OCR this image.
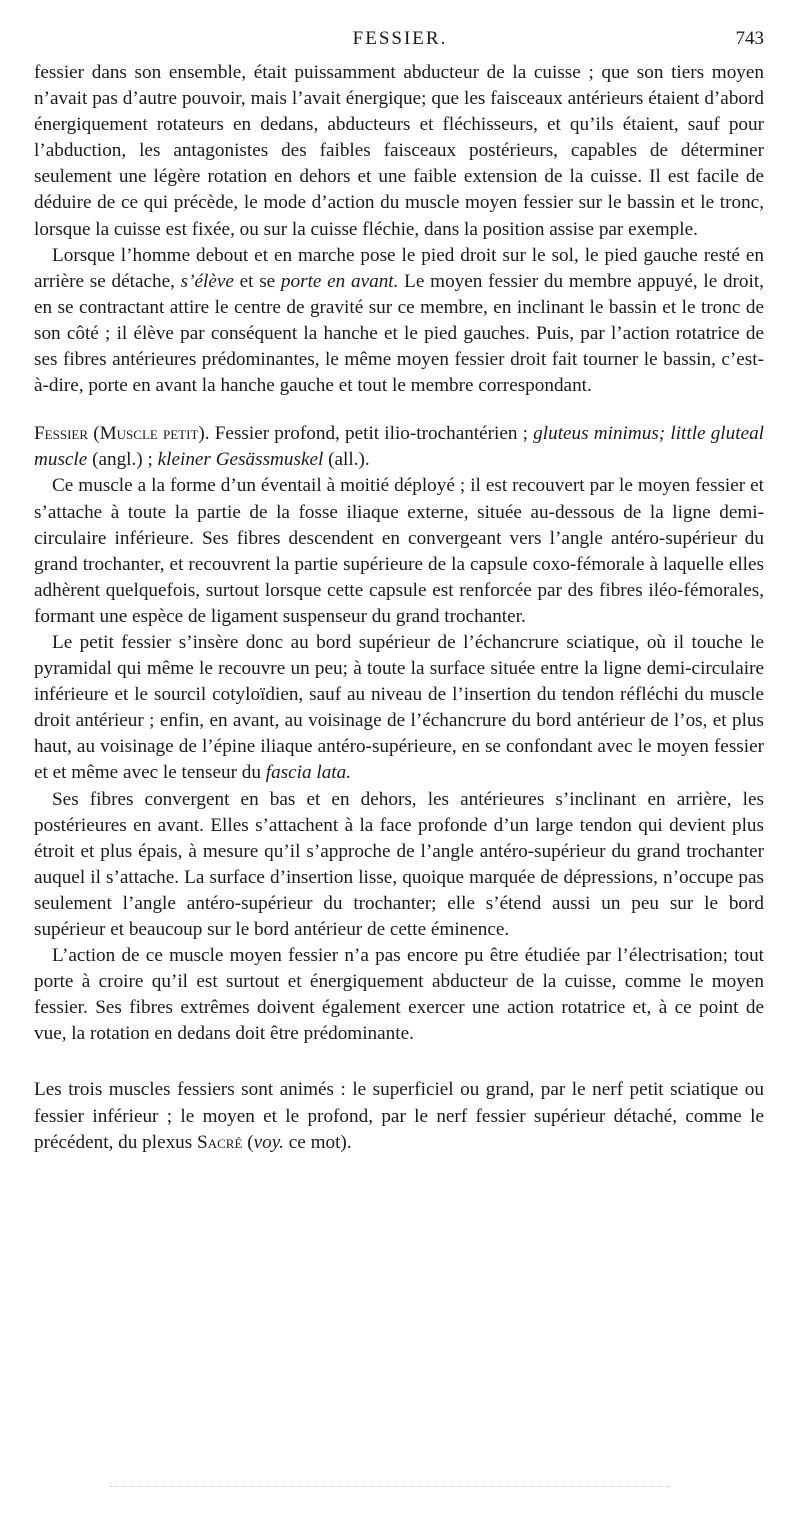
FESSIER.	743

fessier dans son ensemble, était puissamment abducteur de la cuisse ; que son tiers moyen n’avait pas d’autre pouvoir, mais l’avait énergique; que les faisceaux antérieurs étaient d’abord énergiquement rotateurs en dedans, abducteurs et fléchisseurs, et qu’ils étaient, sauf pour l’abduction, les antagonistes des faibles faisceaux postérieurs, capables de déterminer seulement une légère rotation en dehors et une faible extension de la cuisse. Il est facile de déduire de ce qui précède, le mode d’action du muscle moyen fessier sur le bassin et le tronc, lorsque la cuisse est fixée, ou sur la cuisse fléchie, dans la position assise par exemple.

Lorsque l’homme debout et en marche pose le pied droit sur le sol, le pied gauche resté en arrière se détache, s’élève et se porte en avant. Le moyen fessier du membre appuyé, le droit, en se contractant attire le centre de gravité sur ce membre, en inclinant le bassin et le tronc de son côté ; il élève par conséquent la hanche et le pied gauches. Puis, par l’action rotatrice de ses fibres antérieures prédominantes, le même moyen fessier droit fait tourner le bassin, c’est-à-dire, porte en avant la hanche gauche et tout le membre correspondant.

Fessier (Muscle petit). Fessier profond, petit ilio-trochantérien ; gluteus minimus; little gluteal muscle (angl.) ; kleiner Gesässmuskel (all.).

Ce muscle a la forme d’un éventail à moitié déployé ; il est recouvert par le moyen fessier et s’attache à toute la partie de la fosse iliaque externe, située au-dessous de la ligne demi-circulaire inférieure. Ses fibres descendent en convergeant vers l’angle antéro-supérieur du grand trochanter, et recouvrent la partie supérieure de la capsule coxo-fémorale à laquelle elles adhèrent quelquefois, surtout lorsque cette capsule est renforcée par des fibres iléo-fémorales, formant une espèce de ligament suspenseur du grand trochanter.

Le petit fessier s’insère donc au bord supérieur de l’échancrure sciatique, où il touche le pyramidal qui même le recouvre un peu; à toute la surface située entre la ligne demi-circulaire inférieure et le sourcil cotyloïdien, sauf au niveau de l’insertion du tendon réfléchi du muscle droit antérieur ; enfin, en avant, au voisinage de l’échancrure du bord antérieur de l’os, et plus haut, au voisinage de l’épine iliaque antéro-supérieure, en se confondant avec le moyen fessier et et même avec le tenseur du fascia lata.

Ses fibres convergent en bas et en dehors, les antérieures s’inclinant en arrière, les postérieures en avant. Elles s’attachent à la face profonde d’un large tendon qui devient plus étroit et plus épais, à mesure qu’il s’approche de l’angle antéro-supérieur du grand trochanter auquel il s’attache. La surface d’insertion lisse, quoique marquée de dépressions, n’occupe pas seulement l’angle antéro-supérieur du trochanter; elle s’étend aussi un peu sur le bord supérieur et beaucoup sur le bord antérieur de cette éminence.

L’action de ce muscle moyen fessier n’a pas encore pu être étudiée par l’électrisation; tout porte à croire qu’il est surtout et énergiquement abducteur de la cuisse, comme le moyen fessier. Ses fibres extrêmes doivent également exercer une action rotatrice et, à ce point de vue, la rotation en dedans doit être prédominante.

Les trois muscles fessiers sont animés : le superficiel ou grand, par le nerf petit sciatique ou fessier inférieur ; le moyen et le profond, par le nerf fessier supérieur détaché, comme le précédent, du plexus Sacré (voy. ce mot).
